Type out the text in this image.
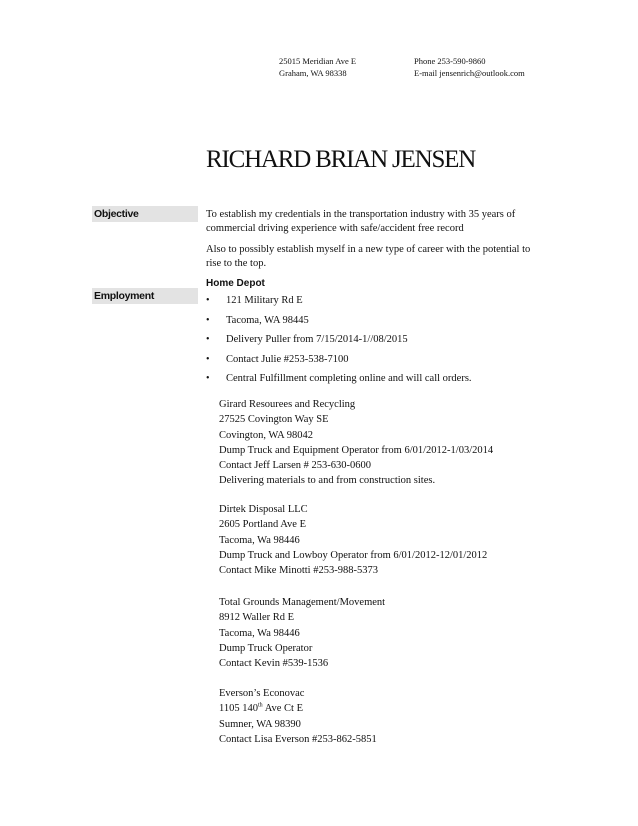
25015 Meridian Ave E
Graham, WA 98338
Phone 253-590-9860
E-mail jensenrich@outlook.com
RICHARD BRIAN JENSEN
Objective	To establish my credentials in the transportation industry with 35 years of commercial driving experience with safe/accident free record
Also to possibly establish myself in a new type of career with the potential to rise to the top.
Home Depot
Employment	• 121 Military Rd E
• Tacoma, WA 98445
• Delivery Puller from 7/15/2014-1//08/2015
• Contact Julie #253-538-7100
• Central Fulfillment completing online and will call orders.
Girard Resourees and Recycling
27525 Covington Way SE
Covington, WA 98042
Dump Truck and Equipment Operator from 6/01/2012-1/03/2014
Contact Jeff Larsen # 253-630-0600
Delivering materials to and from construction sites.
Dirtek Disposal LLC
2605 Portland Ave E
Tacoma, Wa 98446
Dump Truck and Lowboy Operator from 6/01/2012-12/01/2012
Contact Mike Minotti #253-988-5373
Total Grounds Management/Movement
8912 Waller Rd E
Tacoma, Wa 98446
Dump Truck Operator
Contact Kevin #539-1536
Everson’s Econovac
1105 140th Ave Ct E
Sumner, WA 98390
Contact Lisa Everson #253-862-5851
